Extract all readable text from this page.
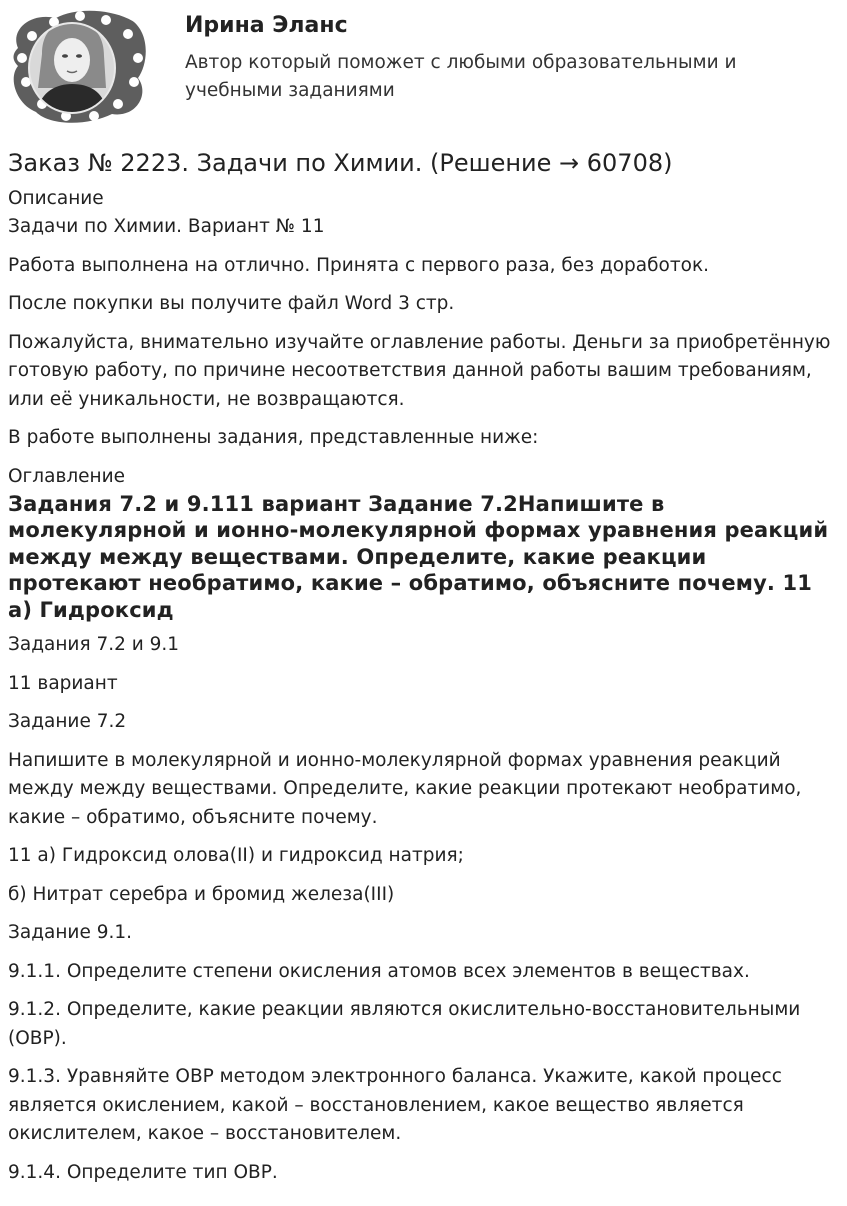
Ирина Эланс
Автор который поможет с любыми образовательными и учебными заданиями
Заказ № 2223. Задачи по Химии. (Решение → 60708)
Описание

Задачи по Химии. Вариант № 11

Работа выполнена на отлично. Принята с первого раза, без доработок.

После покупки вы получите файл Word 3 стр.

Пожалуйста, внимательно изучайте оглавление работы. Деньги за приобретённую готовую работу, по причине несоответствия данной работы вашим требованиям, или её уникальности, не возвращаются.

В работе выполнены задания, представленные ниже:

Оглавление
Задания 7.2 и 9.111 вариант Задание 7.2Напишите в молекулярной и ионно-молекулярной формах уравнения реакций между между веществами. Определите, какие реакции протекают необратимо, какие – обратимо, объясните почему. 11 а) Гидроксид

Задания 7.2 и 9.1

11 вариант

Задание 7.2

Напишите в молекулярной и ионно-молекулярной формах уравнения реакций между между веществами. Определите, какие реакции протекают необратимо, какие – обратимо, объясните почему.

11 а) Гидроксид олова(II) и гидроксид натрия;

б) Нитрат серебра и бромид железа(III)

Задание 9.1.

9.1.1. Определите степени окисления атомов всех элементов в веществах.

9.1.2. Определите, какие реакции являются окислительно-восстановительными (ОВР).

9.1.3. Уравняйте ОВР методом электронного баланса. Укажите, какой процесс является окислением, какой – восстановлением, какое вещество является окислителем, какое – восстановителем.

9.1.4. Определите тип ОВР.
